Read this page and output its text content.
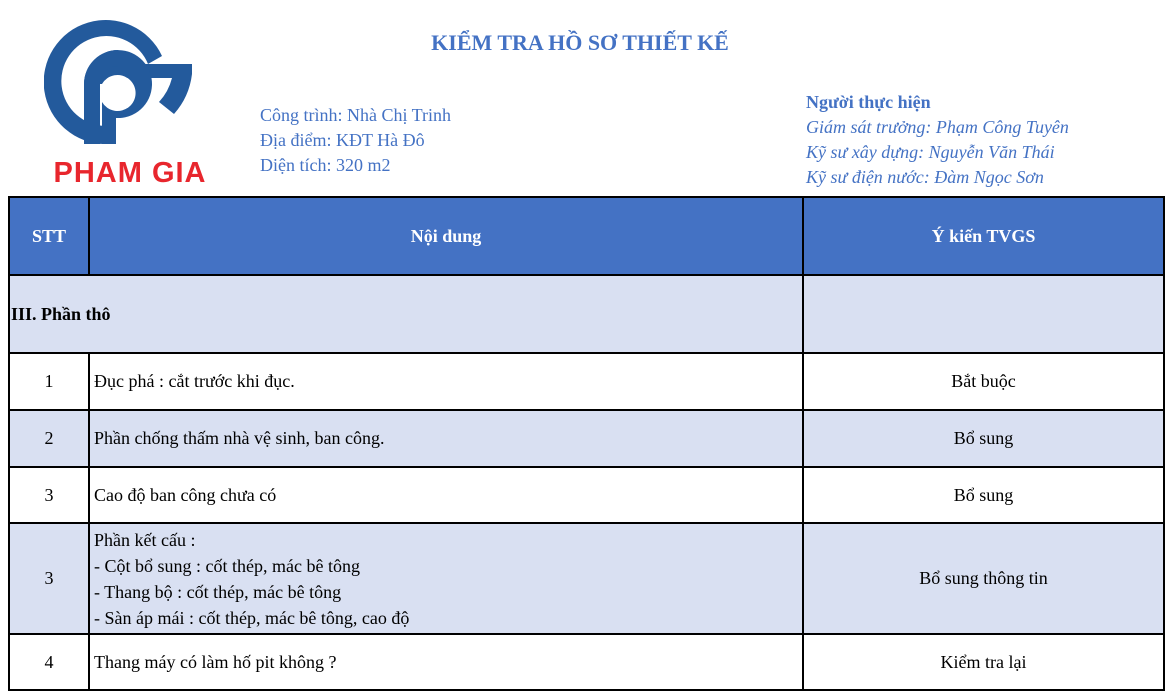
PHAM GIA
KIỂM TRA HỒ SƠ THIẾT KẾ
Công trình: Nhà Chị Trinh
Địa điểm: KĐT Hà Đô
Diện tích: 320 m2
Người thực hiện
Giám sát trưởng: Phạm Công Tuyên
Kỹ sư xây dựng: Nguyễn Văn Thái
Kỹ sư điện nước: Đàm Ngọc Sơn
STT	Nội dung	Ý kiến TVGS
III. Phần thô		
1	Đục phá : cắt trước khi đục.	Bắt buộc
2	Phần chống thấm nhà vệ sinh, ban công.	Bổ sung
3	Cao độ ban công chưa có	Bổ sung
3	Phần kết cấu :
- Cột bổ sung : cốt thép, mác bê tông
- Thang bộ : cốt thép, mác bê tông
- Sàn áp mái : cốt thép, mác bê tông, cao độ	Bổ sung thông tin
4	Thang máy có làm hố pit không ?	Kiểm tra lại
